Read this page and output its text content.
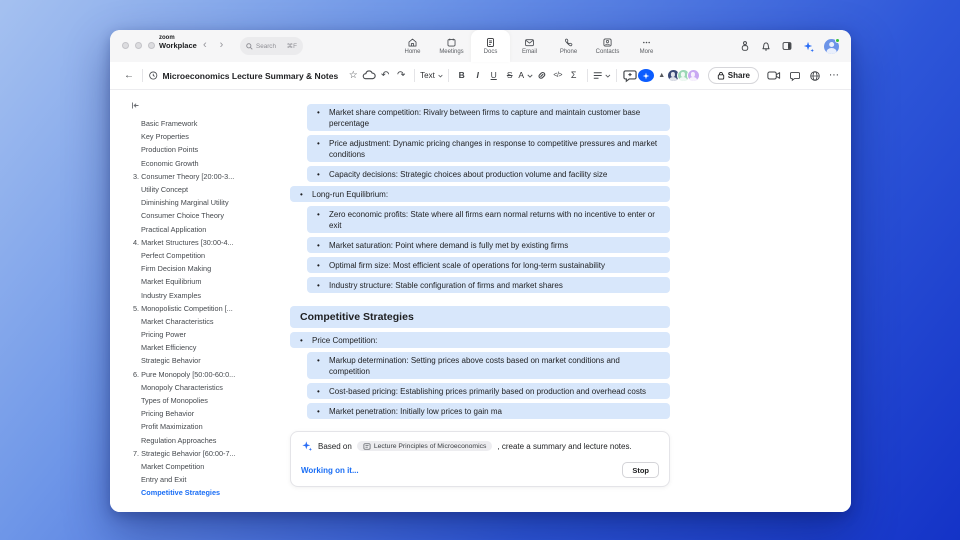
zoom
Workplace ‹ ›	Search ⌘F
Home	Meetings	Docs	Email	Phone	Contacts	More
←	Microeconomics Lecture Summary & Notes	☆	↶ ↷	Text	B	I	U	S A	</> Σ	▲	Share	⋯
Basic Framework
Key Properties
Production Points
Economic Growth
3. Consumer Theory [20:00-3...
Utility Concept
Diminishing Marginal Utility
Consumer Choice Theory
Practical Application
4. Market Structures [30:00-4...
Perfect Competition
Firm Decision Making
Market Equilibrium
Industry Examples
5. Monopolistic Competition [...
Market Characteristics
Pricing Power
Market Efficiency
Strategic Behavior
6. Pure Monopoly [50:00-60:0...
Monopoly Characteristics
Types of Monopolies
Pricing Behavior
Profit Maximization
Regulation Approaches
7. Strategic Behavior [60:00-7...
Market Competition
Entry and Exit
Competitive Strategies
•
Market share competition: Rivalry between firms to capture and maintain customer base percentage
•
Price adjustment: Dynamic pricing changes in response to competitive pressures and market conditions
•
Capacity decisions: Strategic choices about production volume and facility size
•
Long-run Equilibrium:
•
Zero economic profits: State where all firms earn normal returns with no incentive to enter or exit
•
Market saturation: Point where demand is fully met by existing firms
•
Optimal firm size: Most efficient scale of operations for long-term sustainability
•
Industry structure: Stable configuration of firms and market shares
Competitive Strategies
•
Price Competition:
•
Markup determination: Setting prices above costs based on market conditions and competition
•
Cost-based pricing: Establishing prices primarily based on production and overhead costs
•
Market penetration: Initially low prices to gain ma
Based on	Lecture Principles of Microeconomics , create a summary and lecture notes.
Working on it...	Stop
